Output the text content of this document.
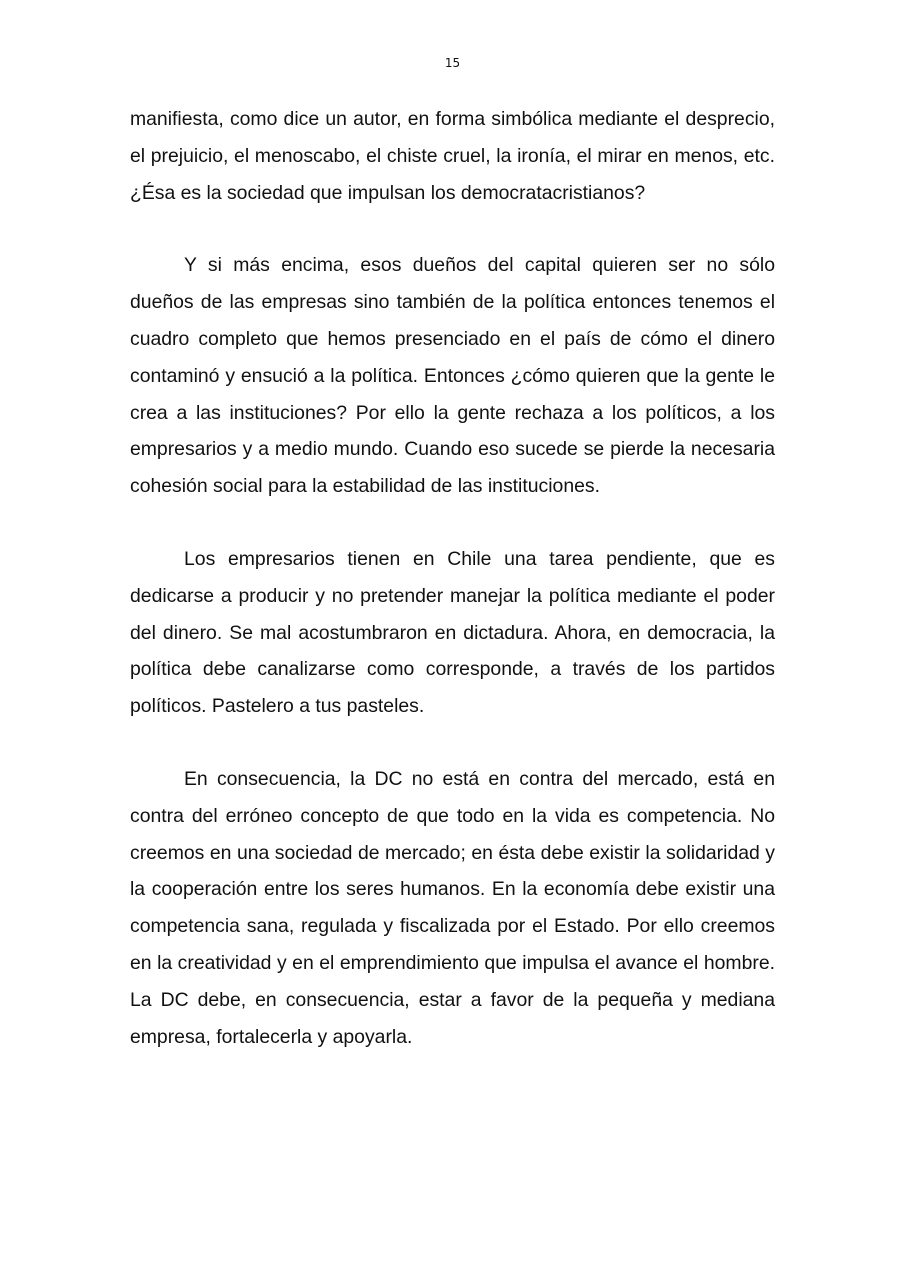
15

manifiesta, como dice un autor, en forma simbólica mediante el desprecio, el prejuicio, el menoscabo, el chiste cruel, la ironía, el mirar en menos, etc. ¿Ésa es la sociedad que impulsan los democratacristianos?

Y si más encima, esos dueños del capital quieren ser no sólo dueños de las empresas sino también de la política entonces tenemos el cuadro completo que hemos presenciado en el país de cómo el dinero contaminó y ensució a la política. Entonces ¿cómo quieren que la gente le crea a las instituciones? Por ello la gente rechaza a los políticos, a los empresarios y a medio mundo. Cuando eso sucede se pierde la necesaria cohesión social para la estabilidad de las instituciones.

Los empresarios tienen en Chile una tarea pendiente, que es dedicarse a producir y no pretender manejar la política mediante el poder del dinero. Se mal acostumbraron en dictadura. Ahora, en democracia, la política debe canalizarse como corresponde, a través de los partidos políticos. Pastelero a tus pasteles.

En consecuencia, la DC no está en contra del mercado, está en contra del erróneo concepto de que todo en la vida es competencia. No creemos en una sociedad de mercado; en ésta debe existir la solidaridad y la cooperación entre los seres humanos. En la economía debe existir una competencia sana, regulada y fiscalizada por el Estado. Por ello creemos en la creatividad y en el emprendimiento que impulsa el avance el hombre. La DC debe, en consecuencia, estar a favor de la pequeña y mediana empresa, fortalecerla y apoyarla.
